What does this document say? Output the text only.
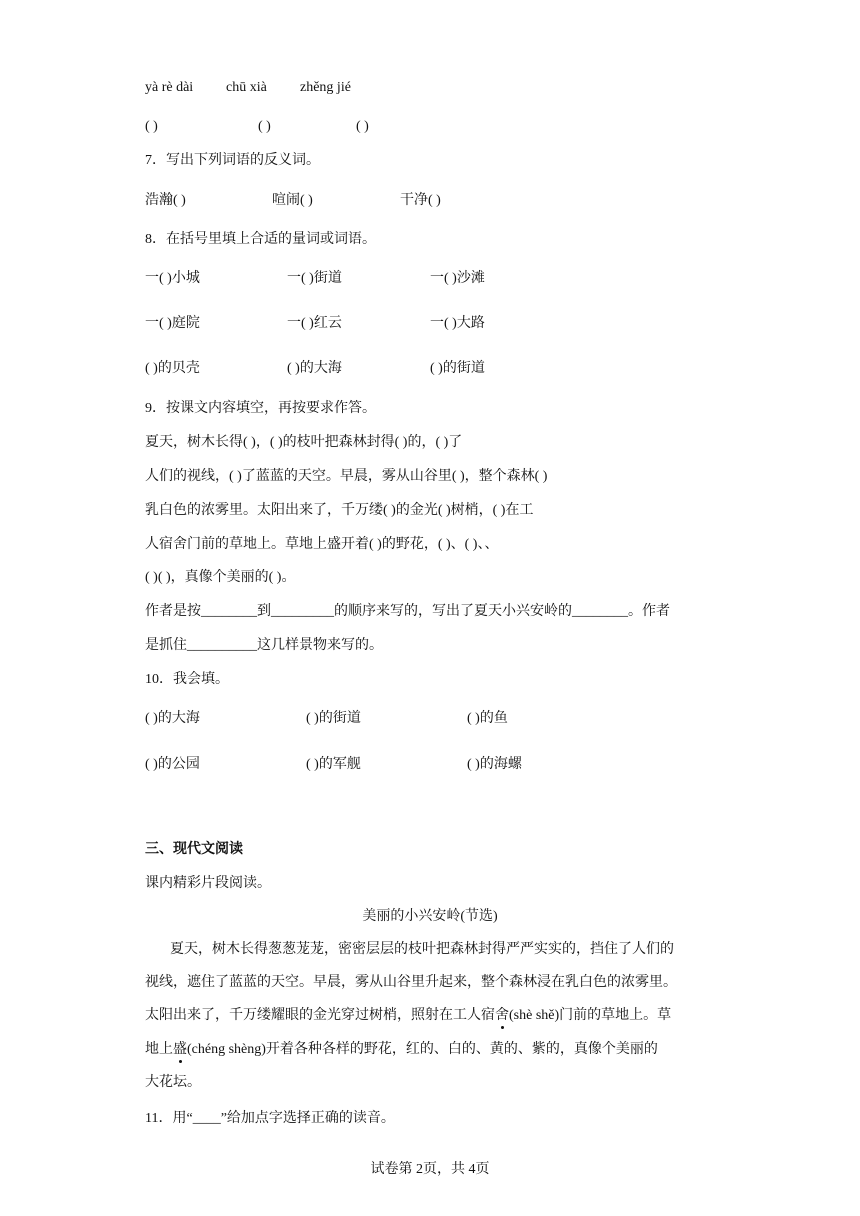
yà rè dài chū xià zhěng jié
( )	( )	( )
7．写出下列词语的反义词。
浩瀚( )	喧闹( )	干净( )
8．在括号里填上合适的量词或词语。
一( )小城	一( )街道	一( )沙滩
一( )庭院	一( )红云	一( )大路
( )的贝壳	( )的大海	( )的街道
9．按课文内容填空，再按要求作答。
夏天，树木长得( )，( )的枝叶把森林封得( )的，( )了
人们的视线，( )了蓝蓝的天空。早晨，雾从山谷里( )，整个森林( )
乳白色的浓雾里。太阳出来了，千万缕( )的金光( )树梢，( )在工
人宿舍门前的草地上。草地上盛开着( )的野花，( )、( )、、
( )( )，真像个美丽的( )。
作者是按________到_________的顺序来写的，写出了夏天小兴安岭的________。作者
是抓住__________这几样景物来写的。
10．我会填。
( )的大海	( )的街道	( )的鱼
( )的公园	( )的军舰	( )的海螺
三、现代文阅读
课内精彩片段阅读。
美丽的小兴安岭(节选)
夏天，树木长得葱葱茏茏，密密层层的枝叶把森林封得严严实实的，挡住了人们的
视线，遮住了蓝蓝的天空。早晨，雾从山谷里升起来，整个森林浸在乳白色的浓雾里。
太阳出来了，千万缕耀眼的金光穿过树梢，照射在工人宿舍(shè shě)门前的草地上。草
地上盛(chéng shèng)开着各种各样的野花，红的、白的、黄的、紫的，真像个美丽的
大花坛。
11．用“____”给加点字选择正确的读音。
试卷第 2页，共 4页
